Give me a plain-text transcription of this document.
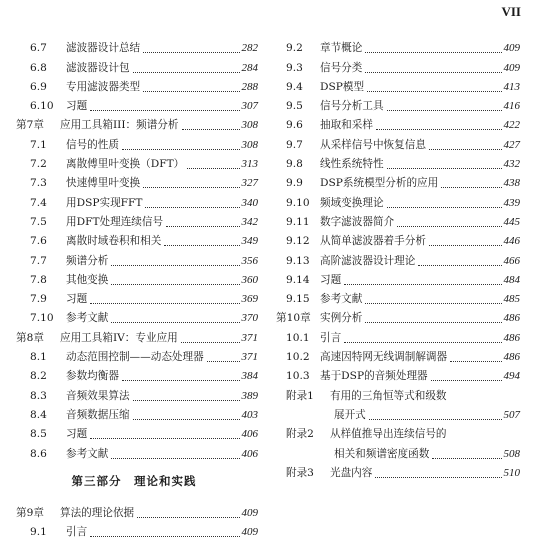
VII
6.7	滤波器设计总结	282
6.8	滤波器设计包	284
6.9	专用滤波器类型	288
6.10	习题	307
第7章	应用工具箱III：频谱分析	308
7.1	信号的性质	308
7.2	离散傅里叶变换（DFT）	313
7.3	快速傅里叶变换	327
7.4	用DSP实现FFT	340
7.5	用DFT处理连续信号	342
7.6	离散时域卷积和相关	349
7.7	频谱分析	356
7.8	其他变换	360
7.9	习题	369
7.10	参考文献	370
第8章	应用工具箱IV：专业应用	371
8.1	动态范围控制——动态处理器	371
8.2	参数均衡器	384
8.3	音频效果算法	389
8.4	音频数据压缩	403
8.5	习题	406
8.6	参考文献	406
第三部分　理论和实践
第9章	算法的理论依据	409
9.1	引言	409
9.2	章节概论	409
9.3	信号分类	409
9.4	DSP模型	413
9.5	信号分析工具	416
9.6	抽取和采样	422
9.7	从采样信号中恢复信息	427
9.8	线性系统特性	432
9.9	DSP系统模型分析的应用	438
9.10 频域变换理论	439
9.11 数字滤波器简介	445
9.12 从简单滤波器着手分析	446
9.13 高阶滤波器设计理论	466
9.14 习题	484
9.15 参考文献	485
第10章 实例分析	486
10.1 引言	486
10.2 高速因特网无线调制解调器	486
10.3 基于DSP的音频处理器	494
附录1	有用的三角恒等式和级数
展开式	507
附录2	从样值推导出连续信号的
相关和频谱密度函数	508
附录3	光盘内容	510
